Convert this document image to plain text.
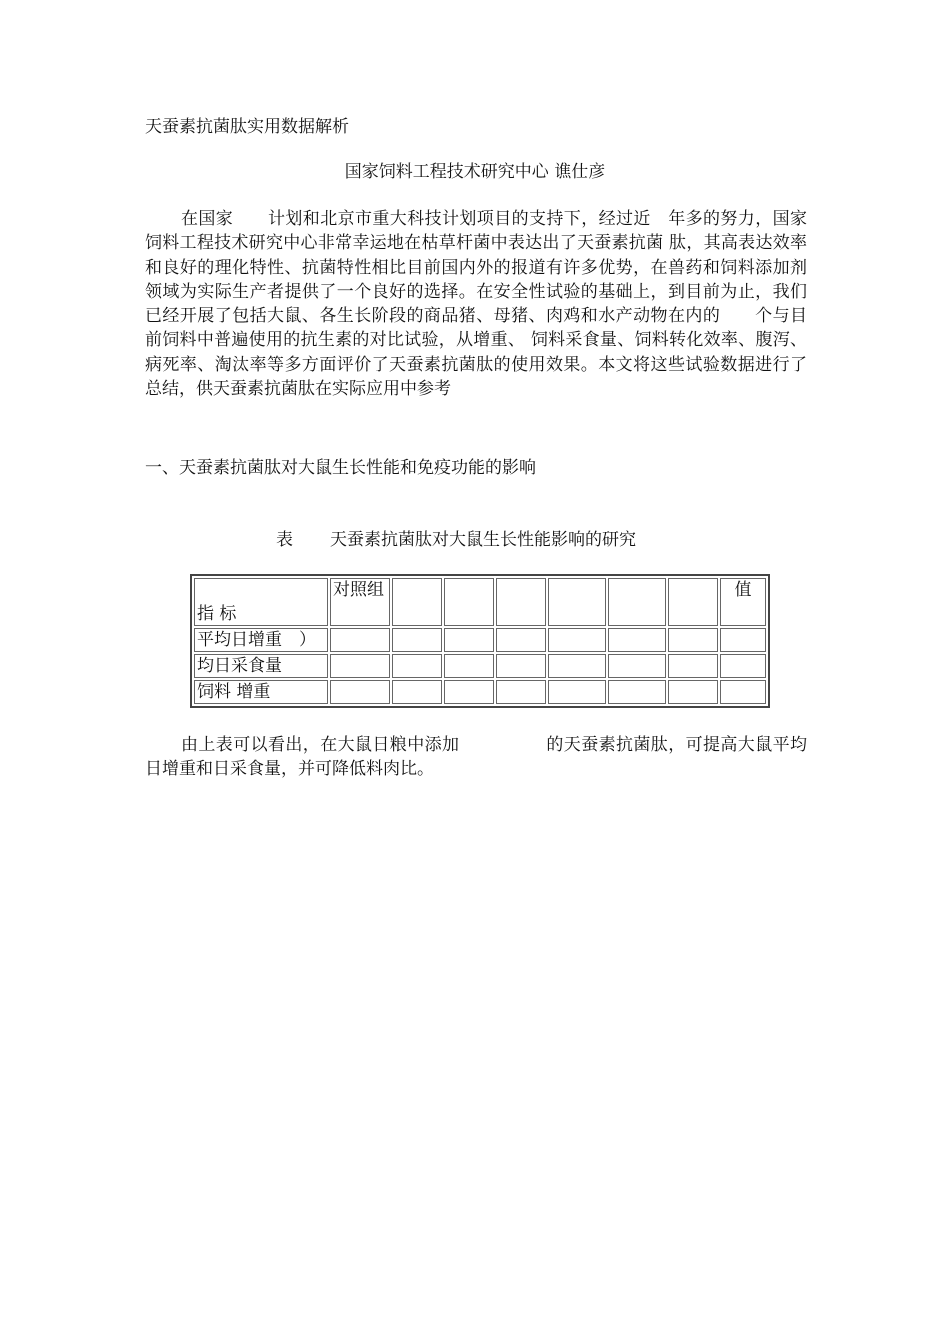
天蚕素抗菌肽实用数据解析
国家饲料工程技术研究中心 谯仕彦

在国家　　计划和北京市重大科技计划项目的支持下，经过近　年多的努力，国家饲料工程技术研究中心非常幸运地在枯草杆菌中表达出了天蚕素抗菌 肽，其高表达效率和良好的理化特性、抗菌特性相比目前国内外的报道有许多优势，在兽药和饲料添加剂领域为实际生产者提供了一个良好的选择。在安全性试验的基础上，到目前为止，我们已经开展了包括大鼠、各生长阶段的商品猪、母猪、肉鸡和水产动物在内的　　个与目前饲料中普遍使用的抗生素的对比试验，从增重、 饲料采食量、饲料转化效率、腹泻、病死率、淘汰率等多方面评价了天蚕素抗菌肽的使用效果。本文将这些试验数据进行了总结，供天蚕素抗菌肽在实际应用中参考

一、天蚕素抗菌肽对大鼠生长性能和免疫功能的影响
表 天蚕素抗菌肽对大鼠生长性能影响的研究
指 标	对照组							值
平均日增重　）								
均日采食量								
饲料 增重								

由上表可以看出，在大鼠日粮中添加　　　　　的天蚕素抗菌肽，可提高大鼠平均日增重和日采食量，并可降低料肉比。
